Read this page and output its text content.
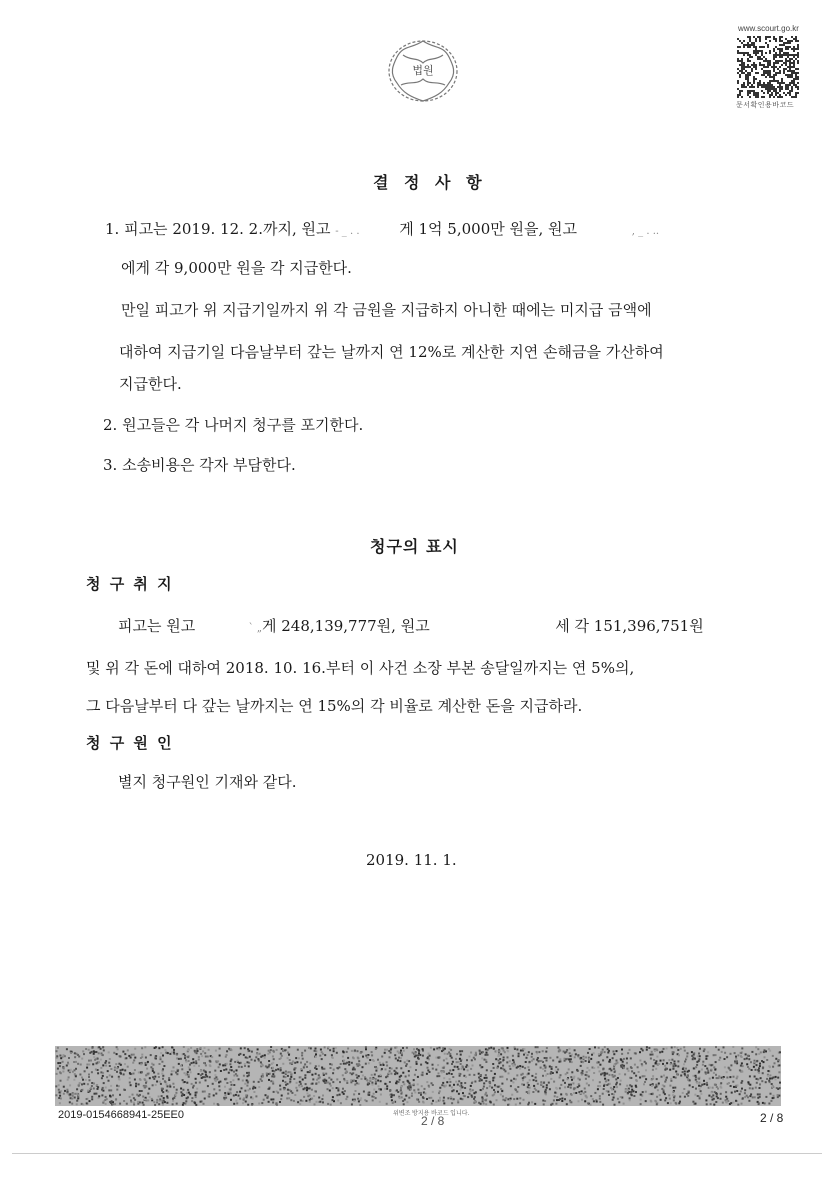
법원
www.scourt.go.kr
문서확인용바코드
결 정 사 항
1. 피고는 2019. 12. 2.까지, 원고 - _ . .	게 1억 5,000만 원을, 원고	, _ . ..
에게 각 9,000만 원을 각 지급한다.
만일 피고가 위 지급기일까지 위 각 금원을 지급하지 아니한 때에는 미지급 금액에
대하여 지급기일 다음날부터 갚는 날까지 연 12%로 계산한 지연 손해금을 가산하여
지급한다.
2. 원고들은 각 나머지 청구를 포기한다.
3. 소송비용은 각자 부담한다.
청구의 표시
청 구 취 지
피고는 원고	` „게 248,139,777원, 원고	세 각 151,396,751원
및 위 각 돈에 대하여 2018. 10. 16.부터 이 사건 소장 부본 송달일까지는 연 5%의,
그 다음날부터 다 갚는 날까지는 연 15%의 각 비율로 계산한 돈을 지급하라.
청 구 원 인
별지 청구원인 기재와 같다.
2019. 11. 1.
2019-0154668941-25EE0	위변조 방지용 바코드 입니다.
2 / 8	2 / 8
